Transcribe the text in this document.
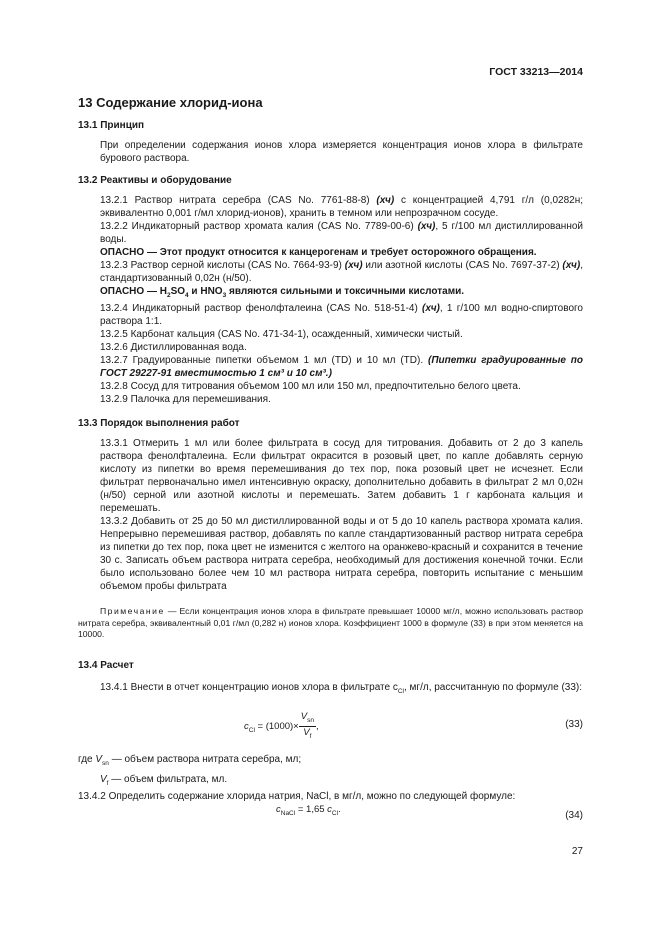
ГОСТ 33213—2014
13 Содержание хлорид-иона
13.1 Принцип

При определении содержания ионов хлора измеряется концентрация ионов хлора в фильтрате бурового раствора.

13.2 Реактивы и оборудование

13.2.1 Раствор нитрата серебра (CAS No. 7761-88-8) (хч) с концентрацией 4,791 г/л (0,0282н; эквивалентно 0,001 г/мл хлорид-ионов), хранить в темном или непрозрачном сосуде.

13.2.2 Индикаторный раствор хромата калия (CAS No. 7789-00-6) (хч), 5 г/100 мл дистиллированной воды.

ОПАСНО — Этот продукт относится к канцерогенам и требует осторожного обращения.

13.2.3 Раствор серной кислоты (CAS No. 7664-93-9) (хч) или азотной кислоты (CAS No. 7697-37-2) (хч), стандартизованный 0,02н (н/50).

ОПАСНО — $H_2SO_4$ и $HNO_3$ являются сильными и токсичными кислотами.

13.2.4 Индикаторный раствор фенолфталеина (CAS No. 518-51-4) (хч), 1 г/100 мл водно-спиртового раствора 1:1.

13.2.5 Карбонат кальция (CAS No. 471-34-1), осажденный, химически чистый.

13.2.6 Дистиллированная вода.

13.2.7 Градуированные пипетки объемом 1 мл (TD) и 10 мл (TD). (Пипетки градуированные по ГОСТ 29227-91 вместимостью 1 см³ и 10 см³.)

13.2.8 Сосуд для титрования объемом 100 мл или 150 мл, предпочтительно белого цвета.

13.2.9 Палочка для перемешивания.

13.3 Порядок выполнения работ

13.3.1 Отмерить 1 мл или более фильтрата в сосуд для титрования. Добавить от 2 до 3 капель раствора фенолфталеина. Если фильтрат окрасится в розовый цвет, по капле добавлять серную кислоту из пипетки во время перемешивания до тех пор, пока розовый цвет не исчезнет. Если фильтрат первоначально имел интенсивную окраску, дополнительно добавить в фильтрат 2 мл 0,02н (н/50) серной или азотной кислоты и перемешать. Затем добавить 1 г карбоната кальция и перемешать.

13.3.2 Добавить от 25 до 50 мл дистиллированной воды и от 5 до 10 капель раствора хромата калия. Непрерывно перемешивая раствор, добавлять по капле стандартизованный раствор нитрата серебра из пипетки до тех пор, пока цвет не изменится с желтого на оранжево-красный и сохранится в течение 30 с. Записать объем раствора нитрата серебра, необходимый для достижения конечной точки. Если было использовано более чем 10 мл раствора нитрата серебра, повторить испытание с меньшим объемом пробы фильтрата

Примечание — Если концентрация ионов хлора в фильтрате превышает 10000 мг/л, можно использовать раствор нитрата серебра, эквивалентный 0,01 г/мл (0,282 н) ионов хлора. Коэффициент 1000 в формуле (33) в при этом меняется на 10000.
13.4 Расчет

13.4.1 Внести в отчет концентрацию ионов хлора в фильтрате $c_{Cl}$, мг/л, рассчитанную по формуле (33):

$c_{Cl} = (1000)\times \frac{V_{sn}}{V_f}$ ,	(33)

где $V_{sn}$ — объем раствора нитрата серебра, мл;

$V_f$ — объем фильтрата, мл.

13.4.2 Определить содержание хлорида натрия, NaCl, в мг/л, можно по следующей формуле:

$c_{NaCl} = 1,65$ $c_{Cl}$.
(34)
27
